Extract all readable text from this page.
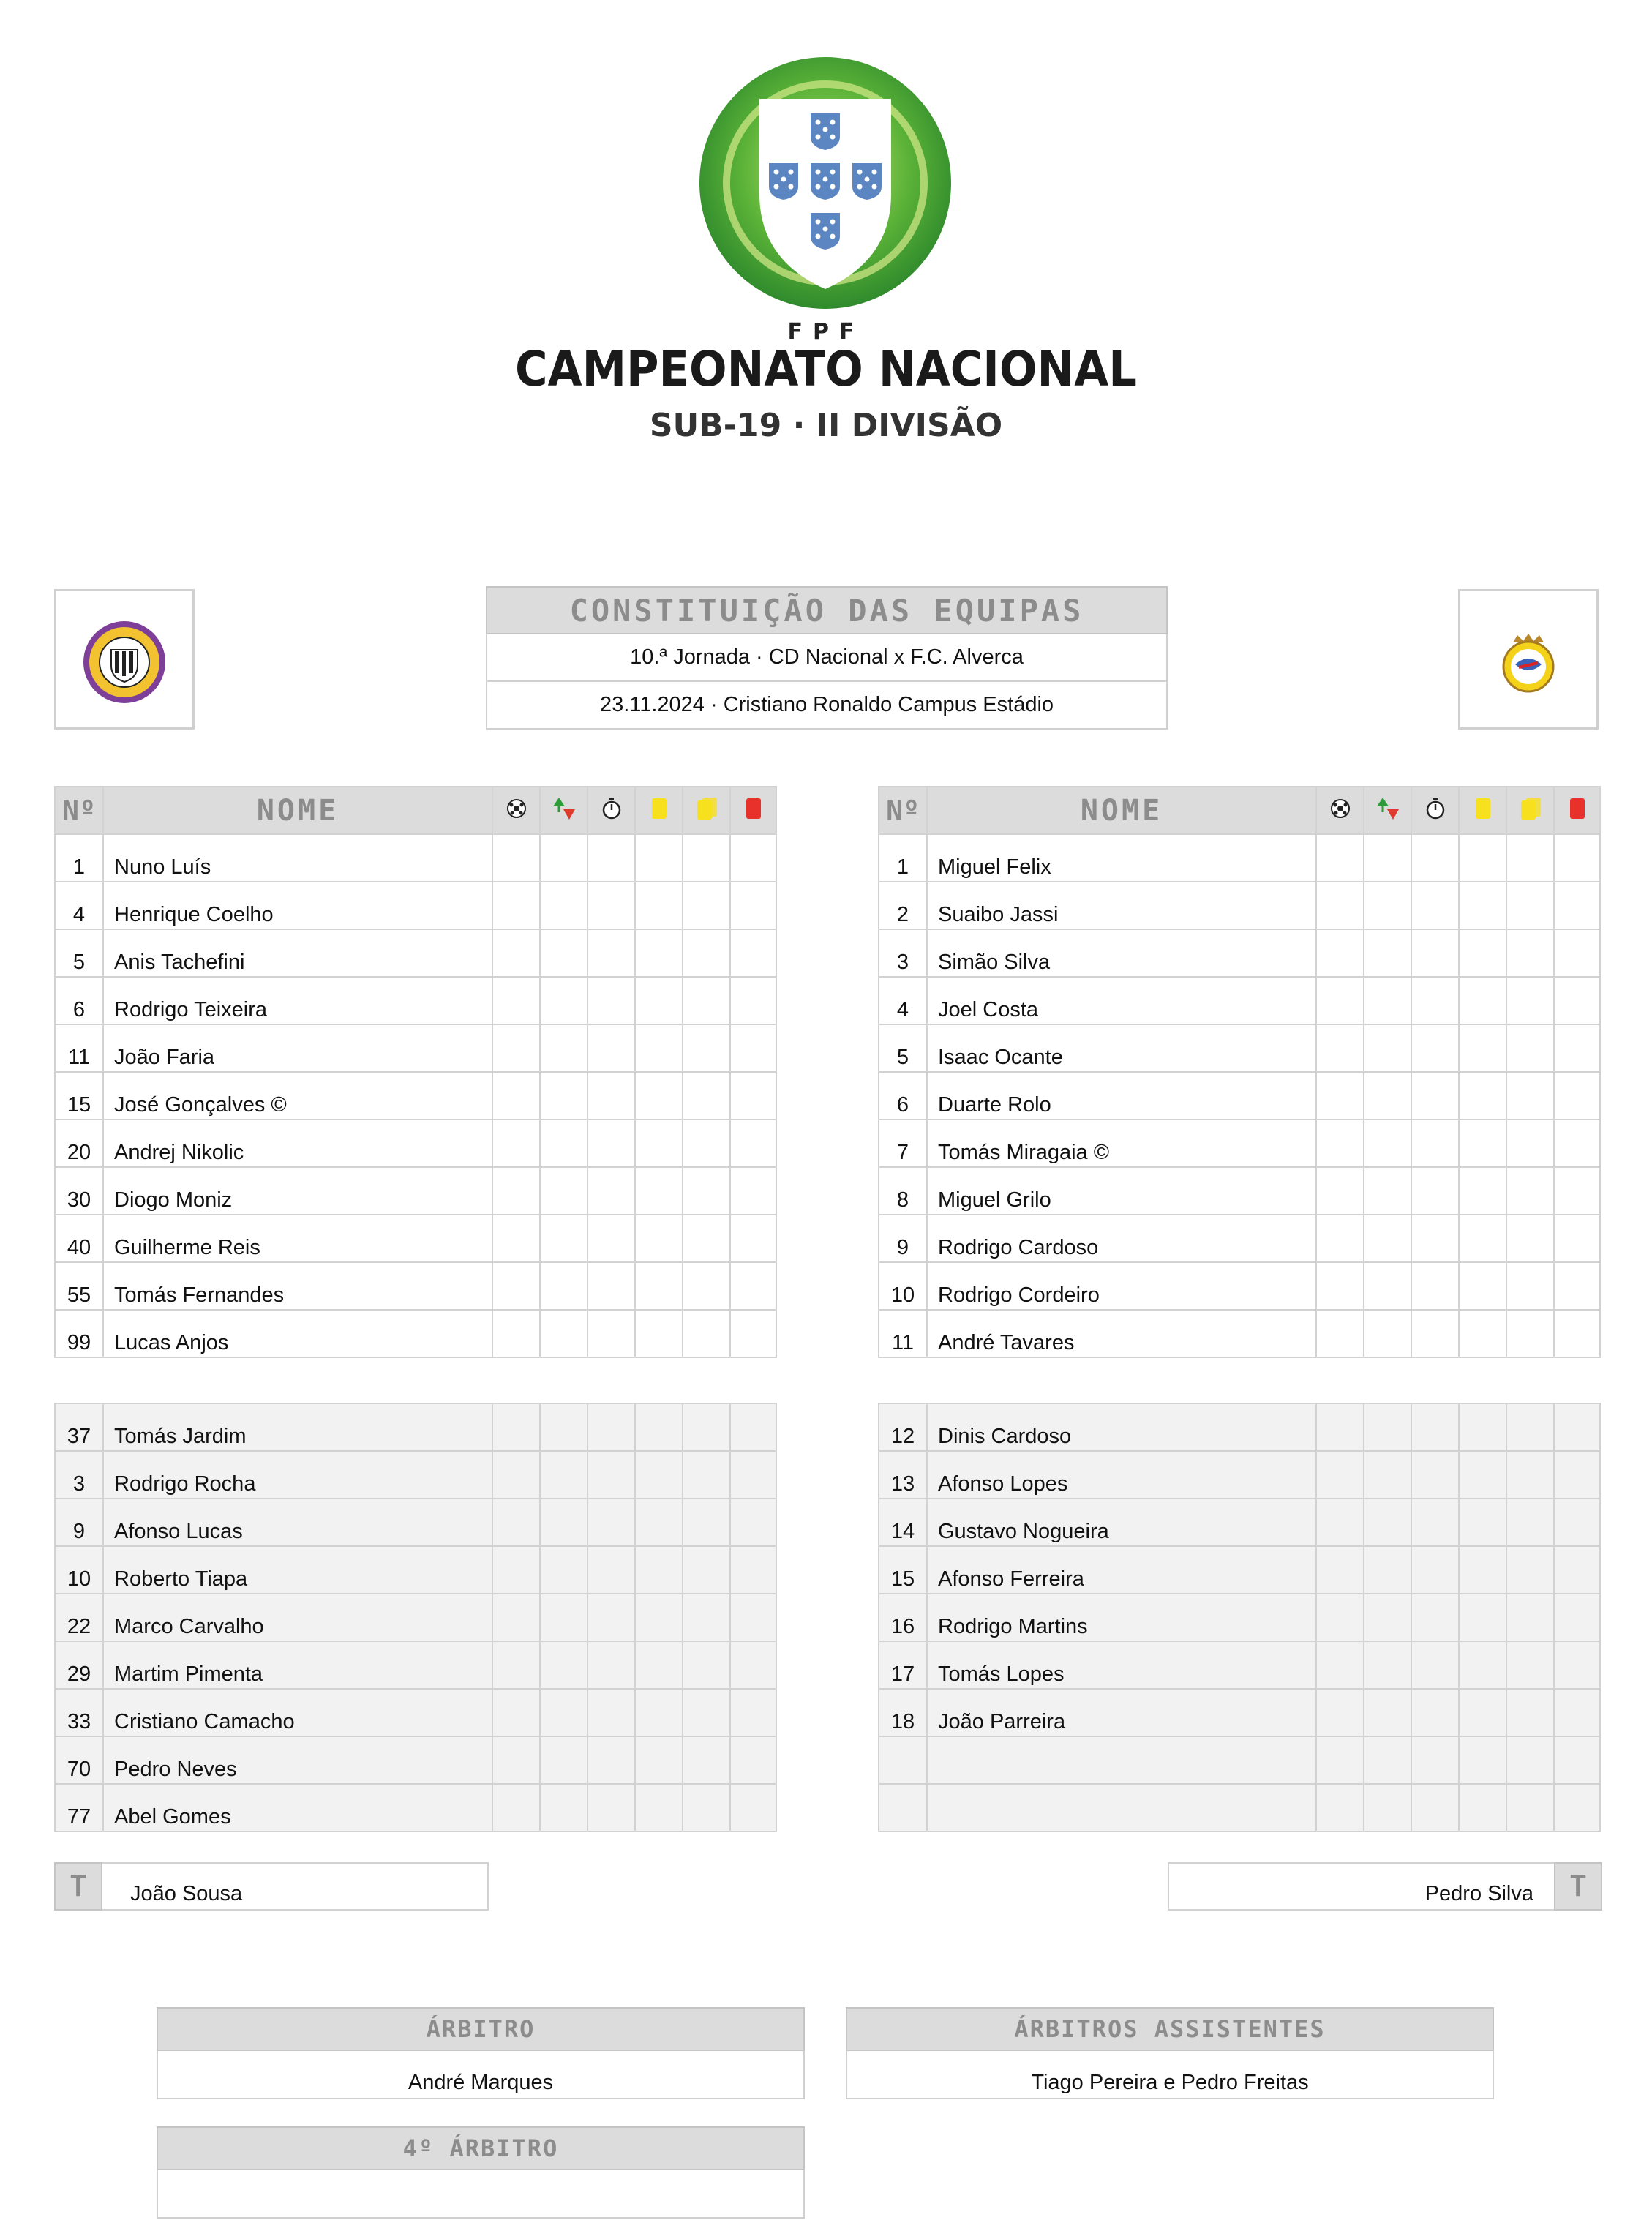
FPF
CAMPEONATO NACIONAL
SUB-19 · II DIVISÃO
CONSTITUIÇÃO DAS EQUIPAS
10.ª Jornada · CD Nacional x F.C. Alverca
23.11.2024 · Cristiano Ronaldo Campus Estádio
Nº	NOME						
1	Nuno Luís						
4	Henrique Coelho						
5	Anis Tachefini						
6	Rodrigo Teixeira						
11	João Faria						
15	José Gonçalves ©						
20	Andrej Nikolic						
30	Diogo Moniz						
40	Guilherme Reis						
55	Tomás Fernandes						
99	Lucas Anjos						
Nº	NOME						
1	Miguel Felix						
2	Suaibo Jassi						
3	Simão Silva						
4	Joel Costa						
5	Isaac Ocante						
6	Duarte Rolo						
7	Tomás Miragaia ©						
8	Miguel Grilo						
9	Rodrigo Cardoso						
10	Rodrigo Cordeiro						
11	André Tavares						
37	Tomás Jardim						
3	Rodrigo Rocha						
9	Afonso Lucas						
10	Roberto Tiapa						
22	Marco Carvalho						
29	Martim Pimenta						
33	Cristiano Camacho						
70	Pedro Neves						
77	Abel Gomes						
12	Dinis Cardoso						
13	Afonso Lopes						
14	Gustavo Nogueira						
15	Afonso Ferreira						
16	Rodrigo Martins						
17	Tomás Lopes						
18	João Parreira						

T	João Sousa	Pedro Silva	T
ÁRBITRO
André Marques
ÁRBITROS ASSISTENTES
Tiago Pereira e Pedro Freitas
4º ÁRBITRO
